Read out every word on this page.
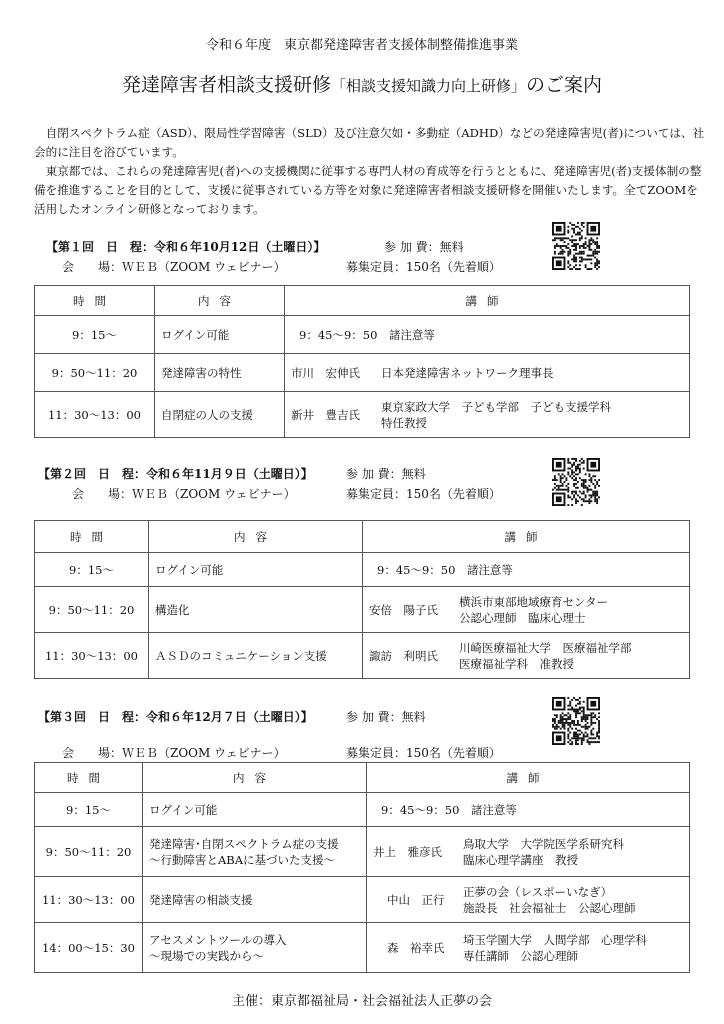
令和６年度　東京都発達障害者支援体制整備推進事業
発達障害者相談支援研修「相談支援知識力向上研修」のご案内

自閉スペクトラム症（ASD）、限局性学習障害（SLD）及び注意欠如・多動症（ADHD）などの発達障害児(者)については、社会的に注目を浴びています。

東京都では、これらの発達障害児(者)への支援機関に従事する専門人材の育成等を行うとともに、発達障害児(者)支援体制の整備を推進することを目的として、支援に従事されている方等を対象に発達障害者相談支援研修を開催いたします。全てZOOMを活用したオンライン研修となっております。

【第１回　日　程：令和６年10月12日（土曜日）】	参 加 費：無料
会　　場：ＷＥＢ（ZOOM ウェビナー）	募集定員：150名（先着順）
時間	内容	講師
9：15〜	ログイン可能	9：45〜9：50　諸注意等
9：50〜11：20	発達障害の特性	市川　宏伸氏 日本発達障害ネットワーク理事長
11：30〜13：00	自閉症の人の支援	新井　豊吉氏東京家政大学　子ども学部　子ども支援学科
特任教授
【第２回　日　程：令和６年11月９日（土曜日）】	参 加 費：無料
会　　場：ＷＥＢ（ZOOM ウェビナー）	募集定員：150名（先着順）
時間	内容	講師
9：15〜	ログイン可能	9：45〜9：50　諸注意等
9：50〜11：20	構造化	安倍　陽子氏横浜市東部地域療育センター
公認心理師　臨床心理士
11：30〜13：00	ＡＳＤのコミュニケーション支援	諏訪　利明氏川崎医療福祉大学　医療福祉学部
医療福祉学科　准教授
【第３回　日　程：令和６年12月７日（土曜日）】	参 加 費：無料
会　　場：ＷＥＢ（ZOOM ウェビナー）	募集定員：150名（先着順）
時間	内容	講師
9：15〜	ログイン可能	9：45〜9：50　諸注意等
9：50〜11：20	発達障害･自閉スペクトラム症の支援
〜行動障害とABAに基づいた支援〜	井上　雅彦氏鳥取大学　大学院医学系研究科
臨床心理学講座　教授
11：30〜13：00	発達障害の相談支援	中山　正行正夢の会（レスポーいなぎ）
施設長　社会福祉士　公認心理師
14：00〜15：30	アセスメントツールの導入
〜現場での実践から〜	森　裕幸氏埼玉学園大学　人間学部　心理学科
専任講師　公認心理師
主催：東京都福祉局・社会福祉法人正夢の会
